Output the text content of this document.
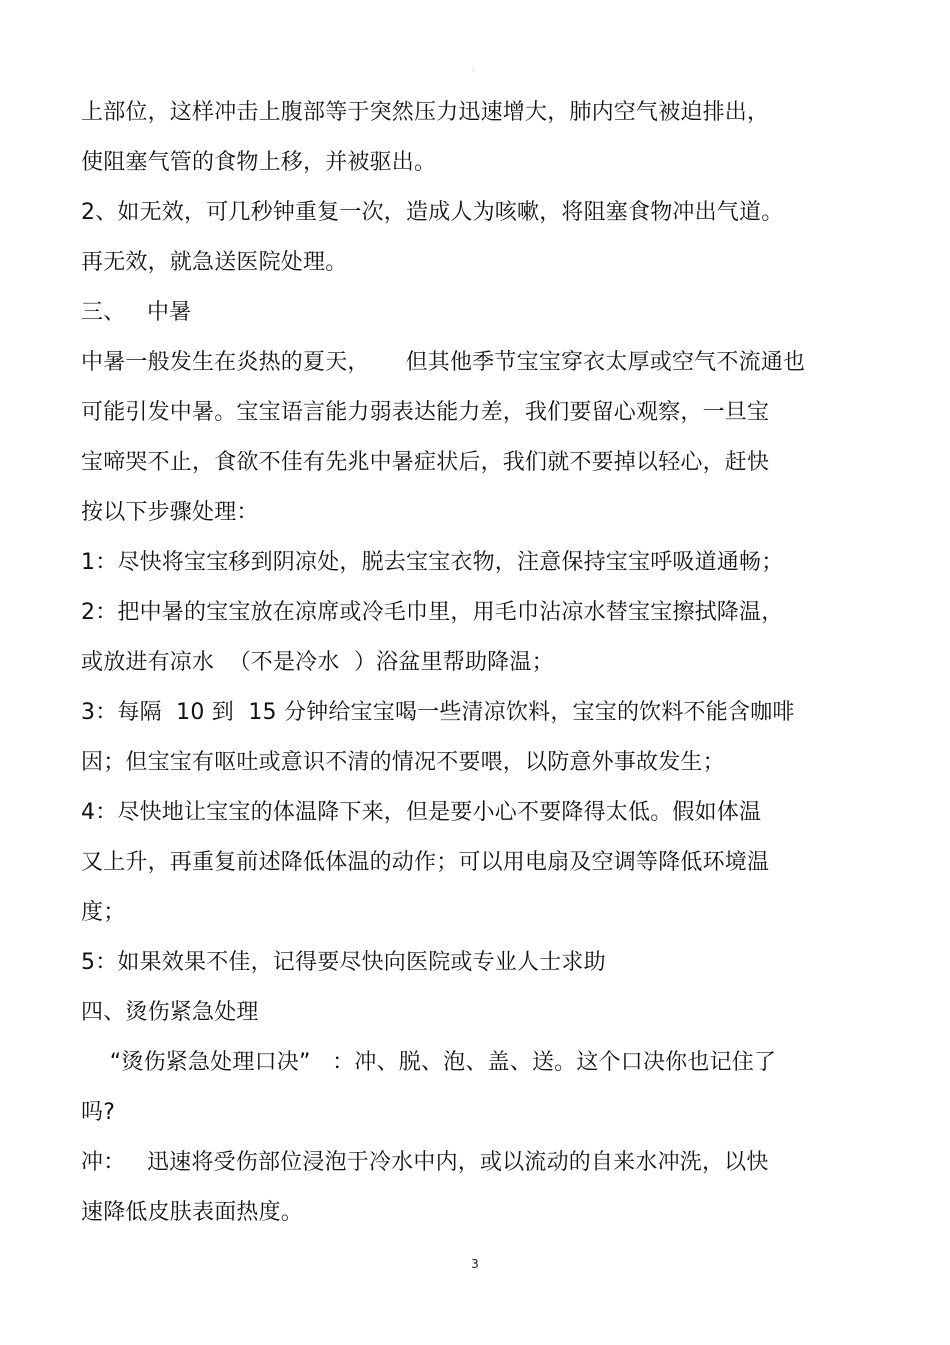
·
上部位，这样冲击上腹部等于突然压力迅速增大，肺内空气被迫排出，
使阻塞气管的食物上移，并被驱出。
2、如无效，可几秒钟重复一次，造成人为咳嗽，将阻塞食物冲出气道。
再无效，就急送医院处理。
三、   中暑
中暑一般发生在炎热的夏天，     但其他季节宝宝穿衣太厚或空气不流通也
可能引发中暑。宝宝语言能力弱表达能力差，我们要留心观察，一旦宝
宝啼哭不止，食欲不佳有先兆中暑症状后，我们就不要掉以轻心，赶快
按以下步骤处理：
1：尽快将宝宝移到阴凉处，脱去宝宝衣物，注意保持宝宝呼吸道通畅；
2：把中暑的宝宝放在凉席或冷毛巾里，用毛巾沾凉水替宝宝擦拭降温，
或放进有凉水  （不是冷水  ）浴盆里帮助降温；
3：每隔  10 到  15 分钟给宝宝喝一些清凉饮料，宝宝的饮料不能含咖啡
因；但宝宝有呕吐或意识不清的情况不要喂，以防意外事故发生；
4：尽快地让宝宝的体温降下来，但是要小心不要降得太低。假如体温
又上升，再重复前述降低体温的动作；可以用电扇及空调等降低环境温
度；
5：如果效果不佳，记得要尽快向医院或专业人士求助
四、烫伤紧急处理
“烫伤紧急处理口决”   ：冲、脱、泡、盖、送。这个口决你也记住了
吗?
冲：   迅速将受伤部位浸泡于冷水中内，或以流动的自来水冲洗，以快
速降低皮肤表面热度。
3
